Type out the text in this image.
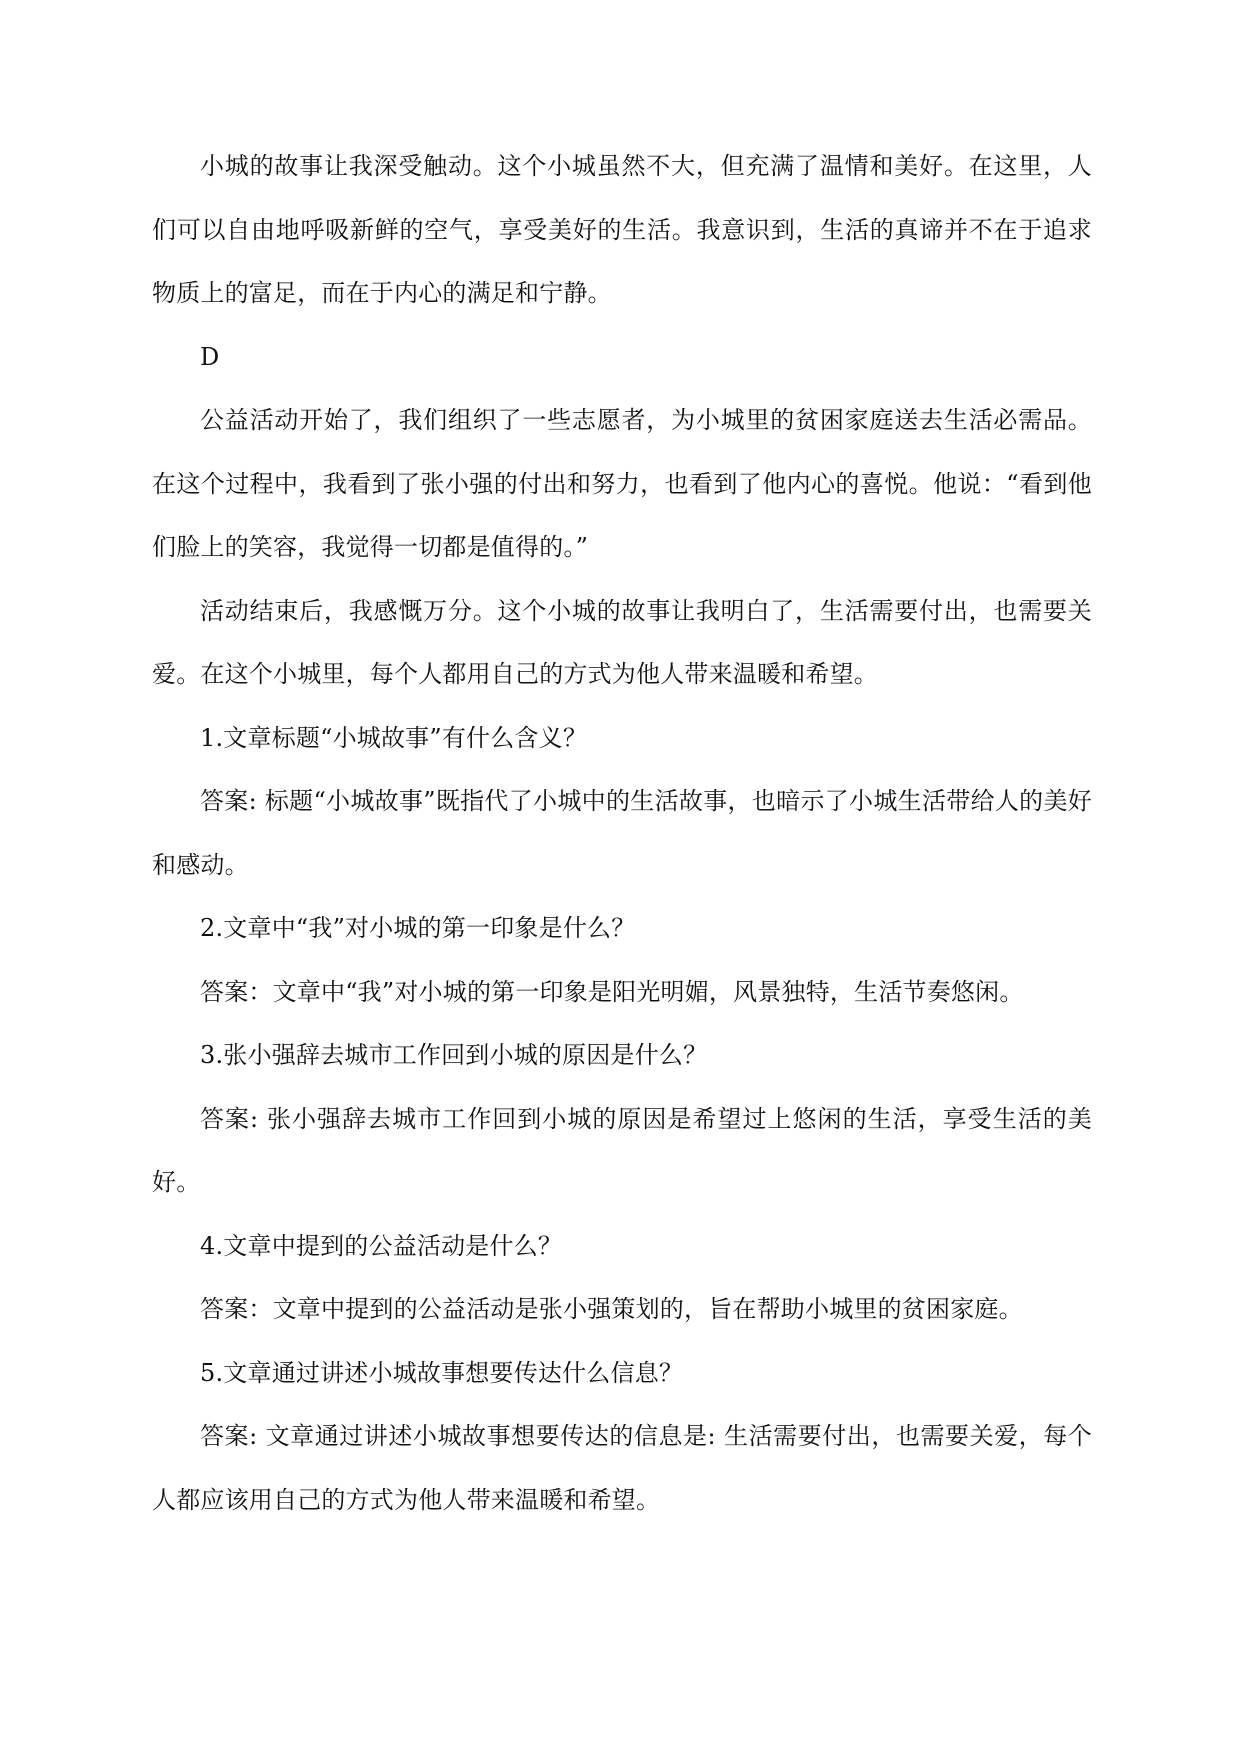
小城的故事让我深受触动。这个小城虽然不大，但充满了温情和美好。在这里，人们可以自由地呼吸新鲜的空气，享受美好的生活。我意识到，生活的真谛并不在于追求物质上的富足，而在于内心的满足和宁静。

D

公益活动开始了，我们组织了一些志愿者，为小城里的贫困家庭送去生活必需品。在这个过程中，我看到了张小强的付出和努力，也看到了他内心的喜悦。他说：“看到他们脸上的笑容，我觉得一切都是值得的。”

活动结束后，我感慨万分。这个小城的故事让我明白了，生活需要付出，也需要关爱。在这个小城里，每个人都用自己的方式为他人带来温暖和希望。

1.文章标题“小城故事”有什么含义？

答案: 标题“小城故事”既指代了小城中的生活故事，也暗示了小城生活带给人的美好和感动。

2.文章中“我”对小城的第一印象是什么？

答案：文章中“我”对小城的第一印象是阳光明媚，风景独特，生活节奏悠闲。

3.张小强辞去城市工作回到小城的原因是什么？

答案: 张小强辞去城市工作回到小城的原因是希望过上悠闲的生活，享受生活的美好。

4.文章中提到的公益活动是什么？

答案：文章中提到的公益活动是张小强策划的，旨在帮助小城里的贫困家庭。

5.文章通过讲述小城故事想要传达什么信息？

答案: 文章通过讲述小城故事想要传达的信息是: 生活需要付出，也需要关爱，每个人都应该用自己的方式为他人带来温暖和希望。
